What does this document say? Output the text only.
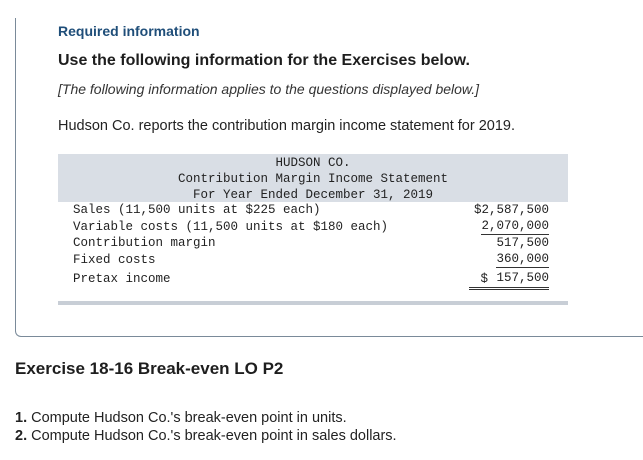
Required information
Use the following information for the Exercises below.
[The following information applies to the questions displayed below.]
Hudson Co. reports the contribution margin income statement for 2019.
HUDSON CO.
Contribution Margin Income Statement
For Year Ended December 31, 2019
Sales (11,500 units at $225 each)	$2,587,500
Variable costs (11,500 units at $180 each)	2,070,000
Contribution margin	517,500
Fixed costs	360,000
Pretax income	$ 157,500
Exercise 18-16 Break-even LO P2
1. Compute Hudson Co.'s break-even point in units.
2. Compute Hudson Co.'s break-even point in sales dollars.
